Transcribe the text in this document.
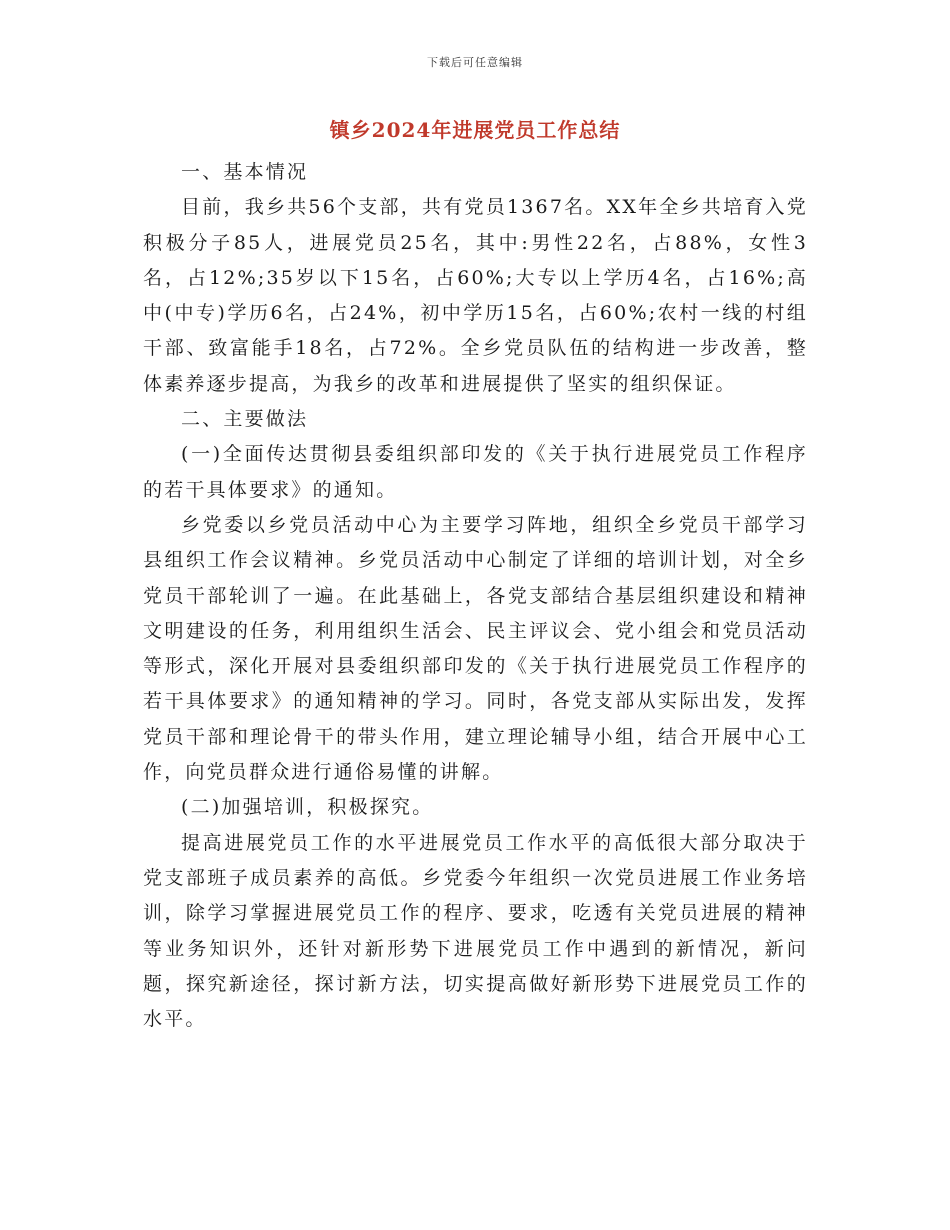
下载后可任意编辑
镇乡2024年进展党员工作总结

一、基本情况

目前，我乡共56个支部，共有党员1367名。XX年全乡共培育入党积极分子85人，进展党员25名，其中:男性22名，占88%，女性3名，占12%;35岁以下15名，占60%;大专以上学历4名，占16%;高中(中专)学历6名，占24%，初中学历15名，占60%;农村一线的村组干部、致富能手18名，占72%。全乡党员队伍的结构进一步改善，整体素养逐步提高，为我乡的改革和进展提供了坚实的组织保证。

二、主要做法

(一)全面传达贯彻县委组织部印发的《关于执行进展党员工作程序的若干具体要求》的通知。

乡党委以乡党员活动中心为主要学习阵地，组织全乡党员干部学习县组织工作会议精神。乡党员活动中心制定了详细的培训计划，对全乡党员干部轮训了一遍。在此基础上，各党支部结合基层组织建设和精神文明建设的任务，利用组织生活会、民主评议会、党小组会和党员活动等形式，深化开展对县委组织部印发的《关于执行进展党员工作程序的若干具体要求》的通知精神的学习。同时，各党支部从实际出发，发挥党员干部和理论骨干的带头作用，建立理论辅导小组，结合开展中心工作，向党员群众进行通俗易懂的讲解。

(二)加强培训，积极探究。

提高进展党员工作的水平进展党员工作水平的高低很大部分取决于党支部班子成员素养的高低。乡党委今年组织一次党员进展工作业务培训，除学习掌握进展党员工作的程序、要求，吃透有关党员进展的精神等业务知识外，还针对新形势下进展党员工作中遇到的新情况，新问题，探究新途径，探讨新方法，切实提高做好新形势下进展党员工作的水平。
